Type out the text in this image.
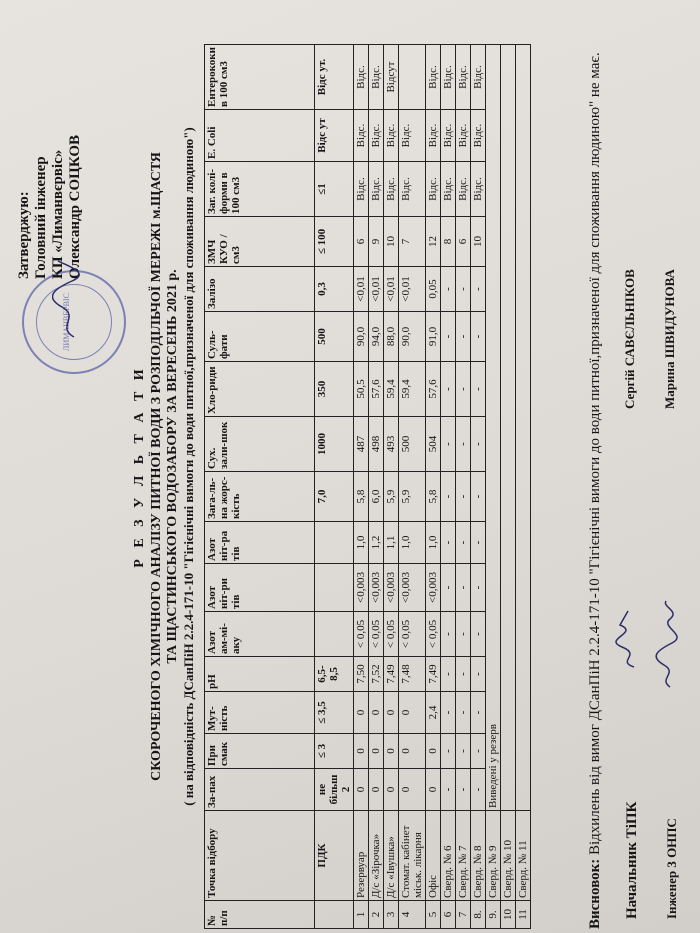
ЛИМАНВЕРВІС
Затверджую: Головний інженер КП «Лиманвєрвіс» Олександр СОЦКОВ
Р Е З У Л Ь Т А Т И СКОРОЧЕНОГО ХІМІЧНОГО АНАЛІЗУ ПИТНОЇ ВОДИ З РОЗПОДІЛЬЧОЇ МЕРЕЖІ м.ЩАСТЯ ТА ЩАСТИНСЬКОГО ВОДОЗАБОРУ ЗА ВЕРЕСЕНЬ 2021 р. ( на відповідність ДСанПіН 2.2.4-171-10 "Гігієнічні вимоги до води питної,призначеної для споживання людиною")
№ п/п	Точка відбору	За-пах	При смак	Мут-ність	рН	Азот ам-мі-аку	Азот ніт-ри тів	Азот ніт-ра тів	Зага-ль-на жорс-кість	Сух. зали-шок	Хло-риди	Суль-фати	Залізо	ЗМЧ КУО / см3	Заг. колі-форми в 100 см3	E. Coli	Ентерококи в 100 см3
	ПДК	не більш 2	≤ 3	≤ 3,5	6,5-8,5				7,0	1000	350	500	0,3	≤ 100	≤1	Відс ут	Відс ут.
1	Резервуар	0	0	0	7,50	< 0,05	<0,003	1,0	5,8	487	50,5	90,0	<0,01	6	Відс.	Відс.	Відс.
2	Д/с «Зірочка»	0	0	0	7,52	< 0,05	<0,003	1,2	6,0	498	57,6	94,0	<0,01	9	Відс.	Відс.	Відс.
3	Д/с «Івушка»	0	0	0	7,49	< 0,05	<0,003	1,1	5,9	493	59,4	88,0	<0,01	10	Відс.	Відс.	Відсут
4	Стомат. кабінет міськ. лікарня	0	0	0	7,48	< 0,05	<0,003	1,0	5,9	500	59,4	90,0	<0,01	7	Відс.	Відс.	
5	Офіс	0	0	2,4	7,49	< 0,05	<0,003	1,0	5,8	504	57,6	91,0	0,05	12	Відс.	Відс.	Відс.
6	Сверд. № 6	-	-	-	-	-	-	-	-	-	-	-	-	8	Відс.	Відс.	Відс.
7	Сверд. № 7	-	-	-	-	-	-	-	-	-	-	-	-	6	Відс.	Відс.	Відс.
8.	Сверд. № 8	-	-	-	-	-	-	-	-	-	-	-	-	10	Відс.	Відс.	Відс.
9.	Сверд. № 9	Виведені у резерв															
10	Сверд. № 10																
11	Сверд. № 11																	Висновок: Відхилень від вимог ДСанПіН 2.2.4-171-10 "Гігієнічні вимоги до води питної,призначеної для споживання людиною" не має.
Начальник ТіПК
Сергій САВЄЛЬНІКОВ
Інженер 3 ОНПС
Марина ШВИДУНОВА
